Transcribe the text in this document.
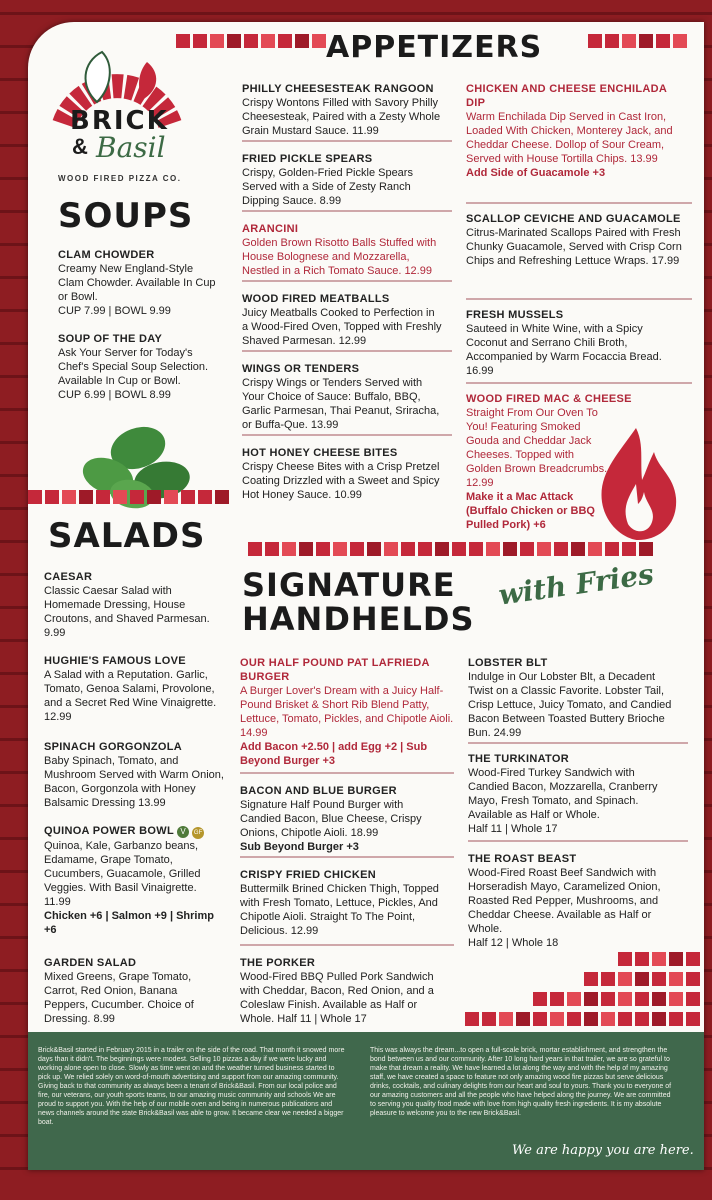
BRICK
& Basil
WOOD FIRED PIZZA CO.
APPETIZERS
PHILLY CHEESESTEAK RANGOON
Crispy Wontons Filled with Savory Philly Cheesesteak, Paired with a Zesty Whole Grain Mustard Sauce. 11.99
FRIED PICKLE SPEARS
Crispy, Golden-Fried Pickle Spears Served with a Side of Zesty Ranch Dipping Sauce. 8.99
ARANCINI
Golden Brown Risotto Balls Stuffed with House Bolognese and Mozzarella, Nestled in a Rich Tomato Sauce. 12.99
WOOD FIRED MEATBALLS
Juicy Meatballs Cooked to Perfection in a Wood-Fired Oven, Topped with Freshly Shaved Parmesan. 12.99
WINGS OR TENDERS
Crispy Wings or Tenders Served with Your Choice of Sauce: Buffalo, BBQ, Garlic Parmesan, Thai Peanut, Sriracha, or Buffa-Que. 13.99
HOT HONEY CHEESE BITES
Crispy Cheese Bites with a Crisp Pretzel Coating Drizzled with a Sweet and Spicy Hot Honey Sauce. 10.99
CHICKEN AND CHEESE ENCHILADA DIP
Warm Enchilada Dip Served in Cast Iron, Loaded With Chicken, Monterey Jack, and Cheddar Cheese. Dollop of Sour Cream, Served with House Tortilla Chips. 13.99
Add Side of Guacamole +3
SCALLOP CEVICHE AND GUACAMOLE
Citrus-Marinated Scallops Paired with Fresh Chunky Guacamole, Served with Crisp Corn Chips and Refreshing Lettuce Wraps. 17.99
FRESH MUSSELS
Sauteed in White Wine, with a Spicy Coconut and Serrano Chili Broth, Accompanied by Warm Focaccia Bread. 16.99
WOOD FIRED MAC & CHEESE
Straight From Our Oven To You! Featuring Smoked Gouda and Cheddar Jack Cheeses. Topped with Golden Brown Breadcrumbs. 12.99
Make it a Mac Attack (Buffalo Chicken or BBQ Pulled Pork) +6
SOUPS
CLAM CHOWDER
Creamy New England-Style Clam Chowder. Available In Cup or Bowl.
CUP 7.99 | BOWL 9.99
SOUP OF THE DAY
Ask Your Server for Today's Chef's Special Soup Selection. Available In Cup or Bowl.
CUP 6.99 | BOWL 8.99
SALADS
CAESAR
Classic Caesar Salad with Homemade Dressing, House Croutons, and Shaved Parmesan. 9.99
HUGHIE'S FAMOUS LOVE
A Salad with a Reputation. Garlic, Tomato, Genoa Salami, Provolone, and a Secret Red Wine Vinaigrette. 12.99
SPINACH GORGONZOLA
Baby Spinach, Tomato, and Mushroom Served with Warm Onion, Bacon, Gorgonzola with Honey Balsamic Dressing 13.99
QUINOA POWER BOWL V GF
Quinoa, Kale, Garbanzo beans, Edamame, Grape Tomato, Cucumbers, Guacamole, Grilled Veggies. With Basil Vinaigrette. 11.99
Chicken +6 | Salmon +9 | Shrimp +6
GARDEN SALAD
Mixed Greens, Grape Tomato, Carrot, Red Onion, Banana Peppers, Cucumber. Choice of Dressing. 8.99
SIGNATURE
HANDHELDS
with Fries
OUR HALF POUND PAT LAFRIEDA BURGER
A Burger Lover's Dream with a Juicy Half-Pound Brisket & Short Rib Blend Patty, Lettuce, Tomato, Pickles, and Chipotle Aioli. 14.99
Add Bacon +2.50 | add Egg +2 | Sub Beyond Burger +3
BACON AND BLUE BURGER
Signature Half Pound Burger with Candied Bacon, Blue Cheese, Crispy Onions, Chipotle Aioli. 18.99
Sub Beyond Burger +3
CRISPY FRIED CHICKEN
Buttermilk Brined Chicken Thigh, Topped with Fresh Tomato, Lettuce, Pickles, And Chipotle Aioli. Straight To The Point, Delicious. 12.99
THE PORKER
Wood-Fired BBQ Pulled Pork Sandwich with Cheddar, Bacon, Red Onion, and a Coleslaw Finish. Available as Half or Whole. Half 11 | Whole 17
LOBSTER BLT
Indulge in Our Lobster Blt, a Decadent Twist on a Classic Favorite. Lobster Tail, Crisp Lettuce, Juicy Tomato, and Candied Bacon Between Toasted Buttery Brioche Bun. 24.99
THE TURKINATOR
Wood-Fired Turkey Sandwich with Candied Bacon, Mozzarella, Cranberry Mayo, Fresh Tomato, and Spinach. Available as Half or Whole.
Half 11 | Whole 17
THE ROAST BEAST
Wood-Fired Roast Beef Sandwich with Horseradish Mayo, Caramelized Onion, Roasted Red Pepper, Mushrooms, and Cheddar Cheese. Available as Half or Whole.
Half 12 | Whole 18
Brick&Basil started in February 2015 in a trailer on the side of the road. That month it snowed more days than it didn't. The beginnings were modest. Selling 10 pizzas a day if we were lucky and working alone open to close. Slowly as time went on and the weather turned business started to pick up. We relied solely on word-of-mouth advertising and support from our amazing community. Giving back to that community as always been a tenant of Brick&Basil. From our local police and fire, our veterans, our youth sports teams, to our amazing music community and schools We are proud to support you. With the help of our mobile oven and being in numerous publications and news channels around the state Brick&Basil was able to grow. It became clear we needed a bigger boat.
This was always the dream...to open a full-scale brick, mortar establishment, and strengthen the bond between us and our community. After 10 long hard years in that trailer, we are so grateful to make that dream a reality. We have learned a lot along the way and with the help of my amazing staff, we have created a space to feature not only amazing wood fire pizzas but serve delicious drinks, cocktails, and culinary delights from our heart and soul to yours. Thank you to everyone of our amazing customers and all the people who have helped along the journey. We are committed to serving you quality food made with love from high quality fresh ingredients. It is my absolute pleasure to welcome you to the new Brick&Basil.
We are happy you are here.
